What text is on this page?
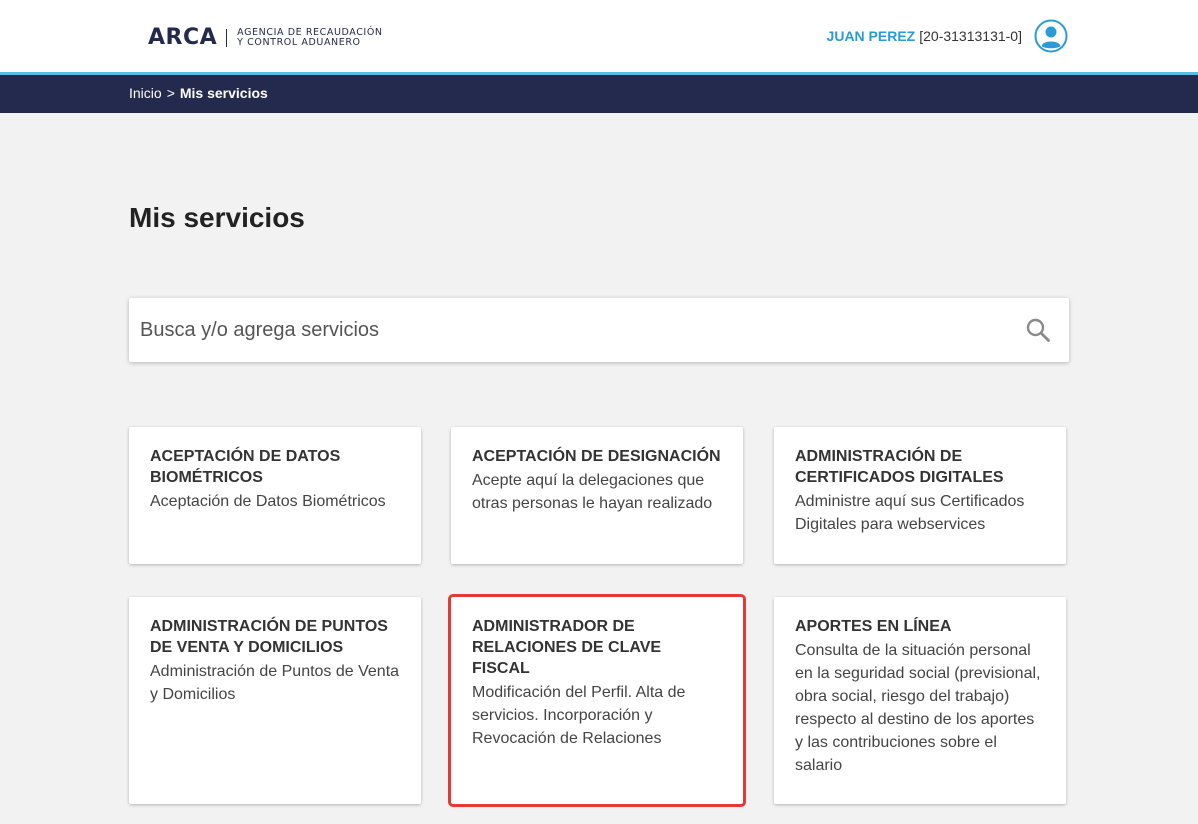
ARCA AGENCIA DE RECAUDACIÓN
Y CONTROL ADUANERO	JUAN PEREZ [20-31313131-0]
Inicio > Mis servicios
Mis servicios
Busca y/o agrega servicios

ACEPTACIÓN DE DATOS BIOMÉTRICOS

Aceptación de Datos Biométricos

ACEPTACIÓN DE DESIGNACIÓN

Acepte aquí la delegaciones que otras personas le hayan realizado

ADMINISTRACIÓN DE CERTIFICADOS DIGITALES

Administre aquí sus Certificados Digitales para webservices

ADMINISTRACIÓN DE PUNTOS DE VENTA Y DOMICILIOS

Administración de Puntos de Venta y Domicilios

ADMINISTRADOR DE RELACIONES DE CLAVE FISCAL

Modificación del Perfil. Alta de servicios. Incorporación y Revocación de Relaciones

APORTES EN LÍNEA

Consulta de la situación personal en la seguridad social (previsional, obra social, riesgo del trabajo) respecto al destino de los aportes y las contribuciones sobre el salario
